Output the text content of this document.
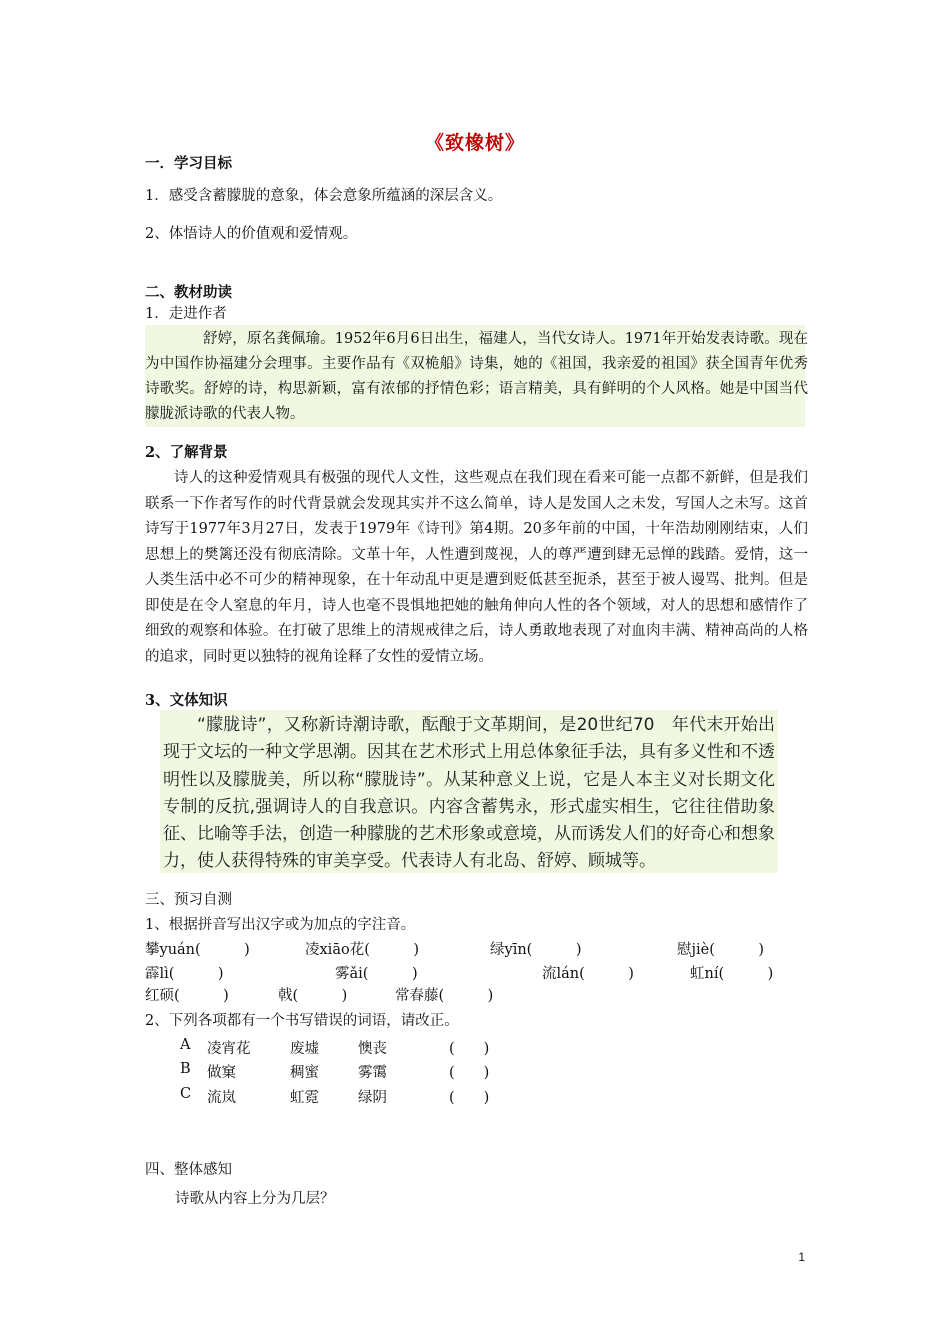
《致橡树》
一．学习目标
1．感受含蓄朦胧的意象，体会意象所蕴涵的深层含义。
2、体悟诗人的价值观和爱情观。
二、教材助读
1．走进作者
舒婷，原名龚佩瑜。1952年6月6日出生，福建人，当代女诗人。1971年开始发表诗歌。现在为中国作协福建分会理事。主要作品有《双桅船》诗集，她的《祖国，我亲爱的祖国》获全国青年优秀诗歌奖。舒婷的诗，构思新颖，富有浓郁的抒情色彩；语言精美，具有鲜明的个人风格。她是中国当代朦胧派诗歌的代表人物。
2、了解背景
诗人的这种爱情观具有极强的现代人文性，这些观点在我们现在看来可能一点都不新鲜，但是我们联系一下作者写作的时代背景就会发现其实并不这么简单，诗人是发国人之未发，写国人之未写。这首诗写于1977年3月27日，发表于1979年《诗刊》第4期。20多年前的中国，十年浩劫刚刚结束，人们思想上的樊篱还没有彻底清除。文革十年，人性遭到蔑视，人的尊严遭到肆无忌惮的践踏。爱情，这一人类生活中必不可少的精神现象，在十年动乱中更是遭到贬低甚至扼杀，甚至于被人谩骂、批判。但是即使是在令人窒息的年月，诗人也毫不畏惧地把她的触角伸向人性的各个领域，对人的思想和感情作了细致的观察和体验。在打破了思维上的清规戒律之后，诗人勇敢地表现了对血肉丰满、精神高尚的人格的追求，同时更以独特的视角诠释了女性的爱情立场。
3、文体知识
“朦胧诗”，又称新诗潮诗歌，酝酿于文革期间，是20世纪70　年代末开始出现于文坛的一种文学思潮。因其在艺术形式上用总体象征手法，具有多义性和不透明性以及朦胧美，所以称“朦胧诗”。从某种意义上说，它是人本主义对长期文化专制的反抗,强调诗人的自我意识。内容含蓄隽永，形式虚实相生，它往往借助象征、比喻等手法，创造一种朦胧的艺术形象或意境，从而诱发人们的好奇心和想象力，使人获得特殊的审美享受。代表诗人有北岛、舒婷、顾城等。
三、预习自测
1、根据拼音写出汉字或为加点的字注音。
攀yuán(　　　)	凌xiāo花(　　　)	绿yīn(　　　)	慰jiè(　　　)
霹lì(　　　)	雾ǎi(　　　)	流lán(　　　)	虹ní(　　　)
红硕(　　　)	戟(　　　)	常春藤(　　　)
2、下列各项都有一个书写错误的词语，请改正。
A 凌宵花	废墟	懊丧	(　　)
B 做窠	稠蜜	雾霭	(　　)
C 流岚	虹霓	绿阴	(　　)
四、整体感知
诗歌从内容上分为几层？
1
